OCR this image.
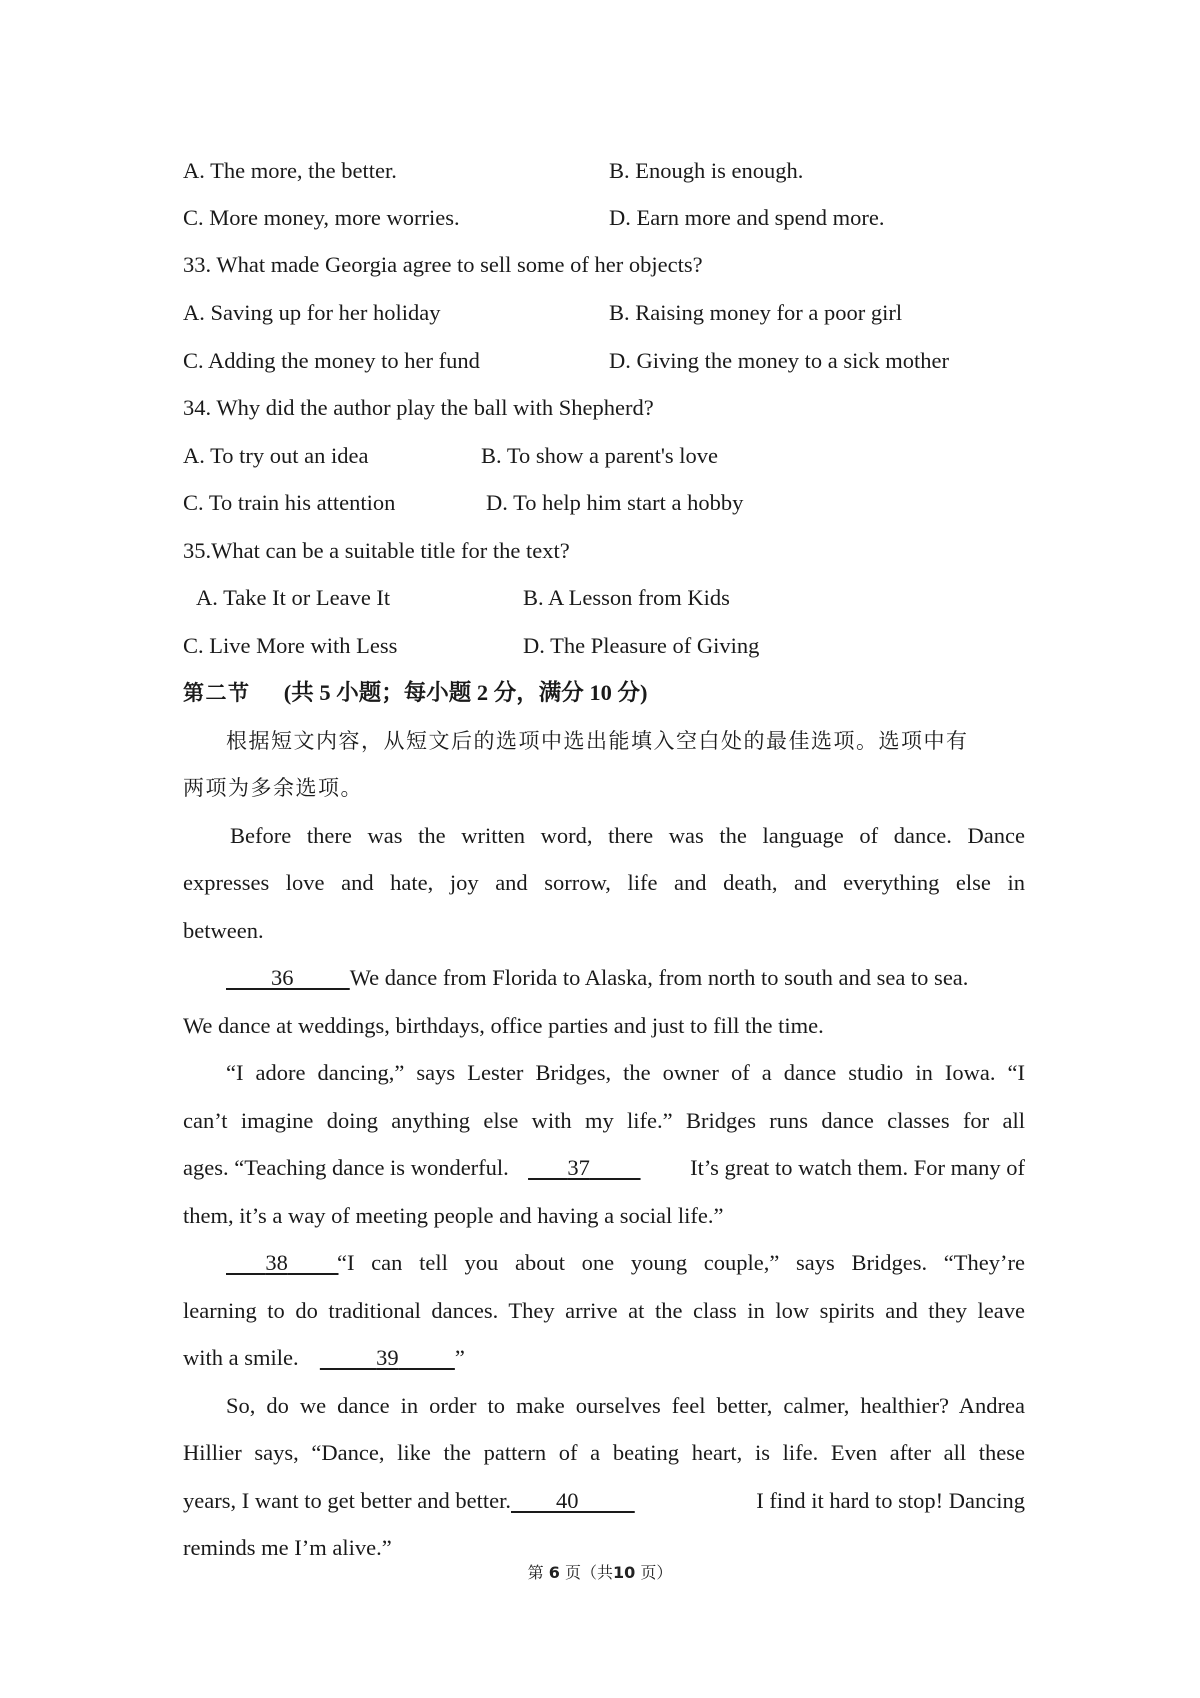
A. The more, the better.	B. Enough is enough.
C. More money, more worries.	D. Earn more and spend more.
33. What made Georgia agree to sell some of her objects?
A. Saving up for her holiday	B. Raising money for a poor girl
C. Adding the money to her fund	D. Giving the money to a sick mother
34. Why did the author play the ball with Shepherd?
A. To try out an idea	B. To show a parent's love
C. To train his attention	D. To help him start a hobby
35.What can be a suitable title for the text?
A. Take It or Leave It	B. A Lesson from Kids
C. Live More with Less	D. The Pleasure of Giving
第二节 (共 5 小题；每小题 2 分，满分 10 分)
根据短文内容，从短文后的选项中选出能填入空白处的最佳选项。选项中有
两项为多余选项。
Before there was the written word, there was the language of dance. Dance
expresses love and hate, joy and sorrow, life and death, and everything else in
between.
36	We dance from Florida to Alaska, from north to south and sea to sea.
We dance at weddings, birthdays, office parties and just to fill the time.
“I adore dancing,” says Lester Bridges, the owner of a dance studio in Iowa. “I
can’t imagine doing anything else with my life.” Bridges runs dance classes for all
ages. “Teaching dance is wonderful.	37	It’s great to watch them. For many of
them, it’s a way of meeting people and having a social life.”
38 “I can tell you about one young couple,” says Bridges. “They’re
learning to do traditional dances. They arrive at the class in low spirits and they leave
with a smile.	39	”
So, do we dance in order to make ourselves feel better, calmer, healthier? Andrea
Hillier says, “Dance, like the pattern of a beating heart, is life. Even after all these
years, I want to get better and better. 40	I find it hard to stop! Dancing
reminds me I’m alive.”
第 6 页（共10 页）
